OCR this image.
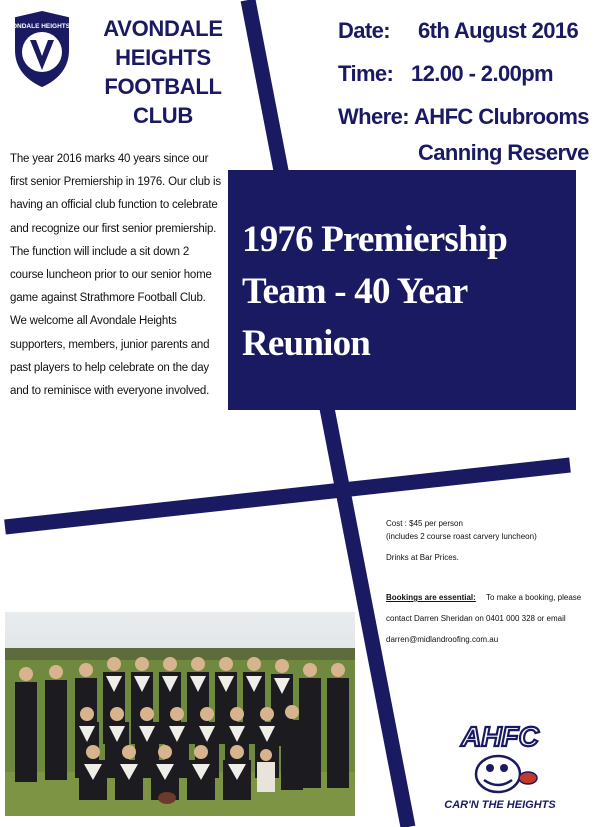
AVONDALE HEIGHTS FC	AVONDALE HEIGHTS
FOOTBALL CLUB
Date: 6th August 2016
Time: 12.00 - 2.00pm
Where: AHFC Clubrooms
Canning Reserve

The year 2016 marks 40 years since our first senior Premiership in 1976. Our club is having an official club function to celebrate and recognize our first senior premiership.

The function will include a sit down 2 course luncheon prior to our senior home game against Strathmore Football Club.

We welcome all Avondale Heights supporters, members, junior parents and past players to help celebrate on the day and to reminisce with everyone involved.

1976 Premiership
Team - 40 Year
Reunion
Cost : $45 per person
(includes 2 course roast carvery luncheon)
Drinks at Bar Prices.
Bookings are essential: To make a booking, please
contact Darren Sheridan on 0401 000 328 or email
darren@midlandroofing.com.au
AHFC
CAR'N THE HEIGHTS
